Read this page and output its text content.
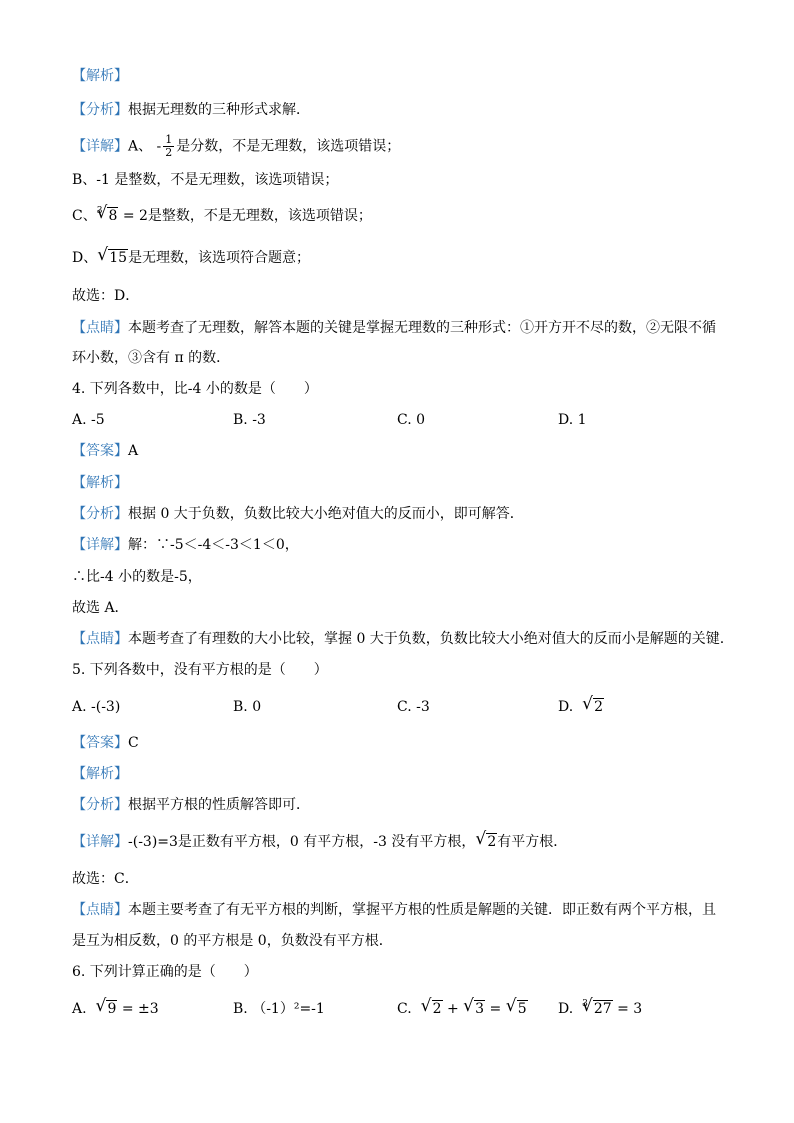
【解析】
【分析】根据无理数的三种形式求解．
【详解】A、 - $\frac{1}{2}$ 是分数，不是无理数，该选项错误；
B、-1 是整数，不是无理数，该选项错误；
C、$^3$ √ 8 = 2是整数，不是无理数，该选项错误；
D、 √ 15是无理数，该选项符合题意；
故选：D．
【点睛】本题考查了无理数，解答本题的关键是掌握无理数的三种形式：①开方开不尽的数，②无限不循
环小数，③含有 π 的数．
4. 下列各数中，比-4 小的数是（　　）
A. -5	B. -3	C. 0	D. 1
【答案】A
【解析】
【分析】根据 0 大于负数，负数比较大小绝对值大的反而小，即可解答．
【详解】解：∵-5＜-4＜-3＜1＜0，
∴比-4 小的数是-5，
故选 A．
【点睛】本题考查了有理数的大小比较，掌握 0 大于负数，负数比较大小绝对值大的反而小是解题的关键.
5. 下列各数中，没有平方根的是（　　）
A. -(-3)	B. 0	C. -3	D. √ 2
【答案】C
【解析】
【分析】根据平方根的性质解答即可．
【详解】-(-3)=3是正数有平方根，0 有平方根，-3 没有平方根， √ 2有平方根．
故选：C．
【点睛】本题主要考查了有无平方根的判断，掌握平方根的性质是解题的关键．即正数有两个平方根，且
是互为相反数，0 的平方根是 0，负数没有平方根．
6. 下列计算正确的是（　　）
A. √ 9 = ±3	B. （-1）²=-1	C. √ 2 + √ 3 = √ 5 D. $^3$ √ 27 = 3
